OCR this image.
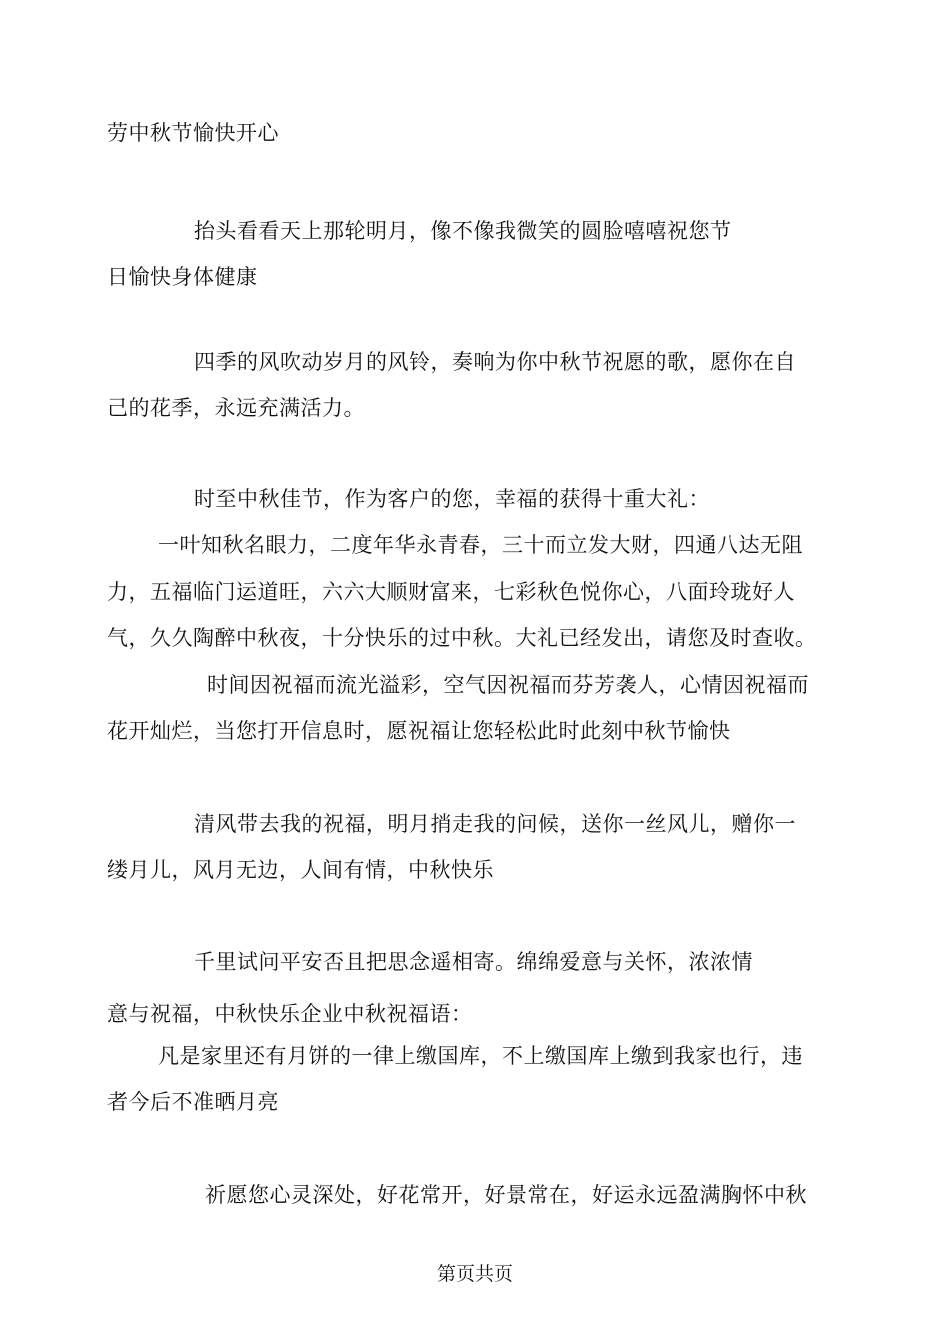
劳中秋节愉快开心
抬头看看天上那轮明月，像不像我微笑的圆脸嘻嘻祝您节
日愉快身体健康
四季的风吹动岁月的风铃，奏响为你中秋节祝愿的歌，愿你在自
己的花季，永远充满活力。
时至中秋佳节，作为客户的您，幸福的获得十重大礼：
一叶知秋名眼力，二度年华永青春，三十而立发大财，四通八达无阻
力，五福临门运道旺，六六大顺财富来，七彩秋色悦你心，八面玲珑好人
气，久久陶醉中秋夜，十分快乐的过中秋。大礼已经发出，请您及时查收。
时间因祝福而流光溢彩，空气因祝福而芬芳袭人，心情因祝福而
花开灿烂，当您打开信息时，愿祝福让您轻松此时此刻中秋节愉快
清风带去我的祝福，明月捎走我的问候，送你一丝风儿，赠你一
缕月儿，风月无边，人间有情，中秋快乐
千里试问平安否且把思念遥相寄。绵绵爱意与关怀，浓浓情
意与祝福，中秋快乐企业中秋祝福语：
凡是家里还有月饼的一律上缴国库，不上缴国库上缴到我家也行，违
者今后不准晒月亮
祈愿您心灵深处，好花常开，好景常在，好运永远盈满胸怀中秋
第页共页
